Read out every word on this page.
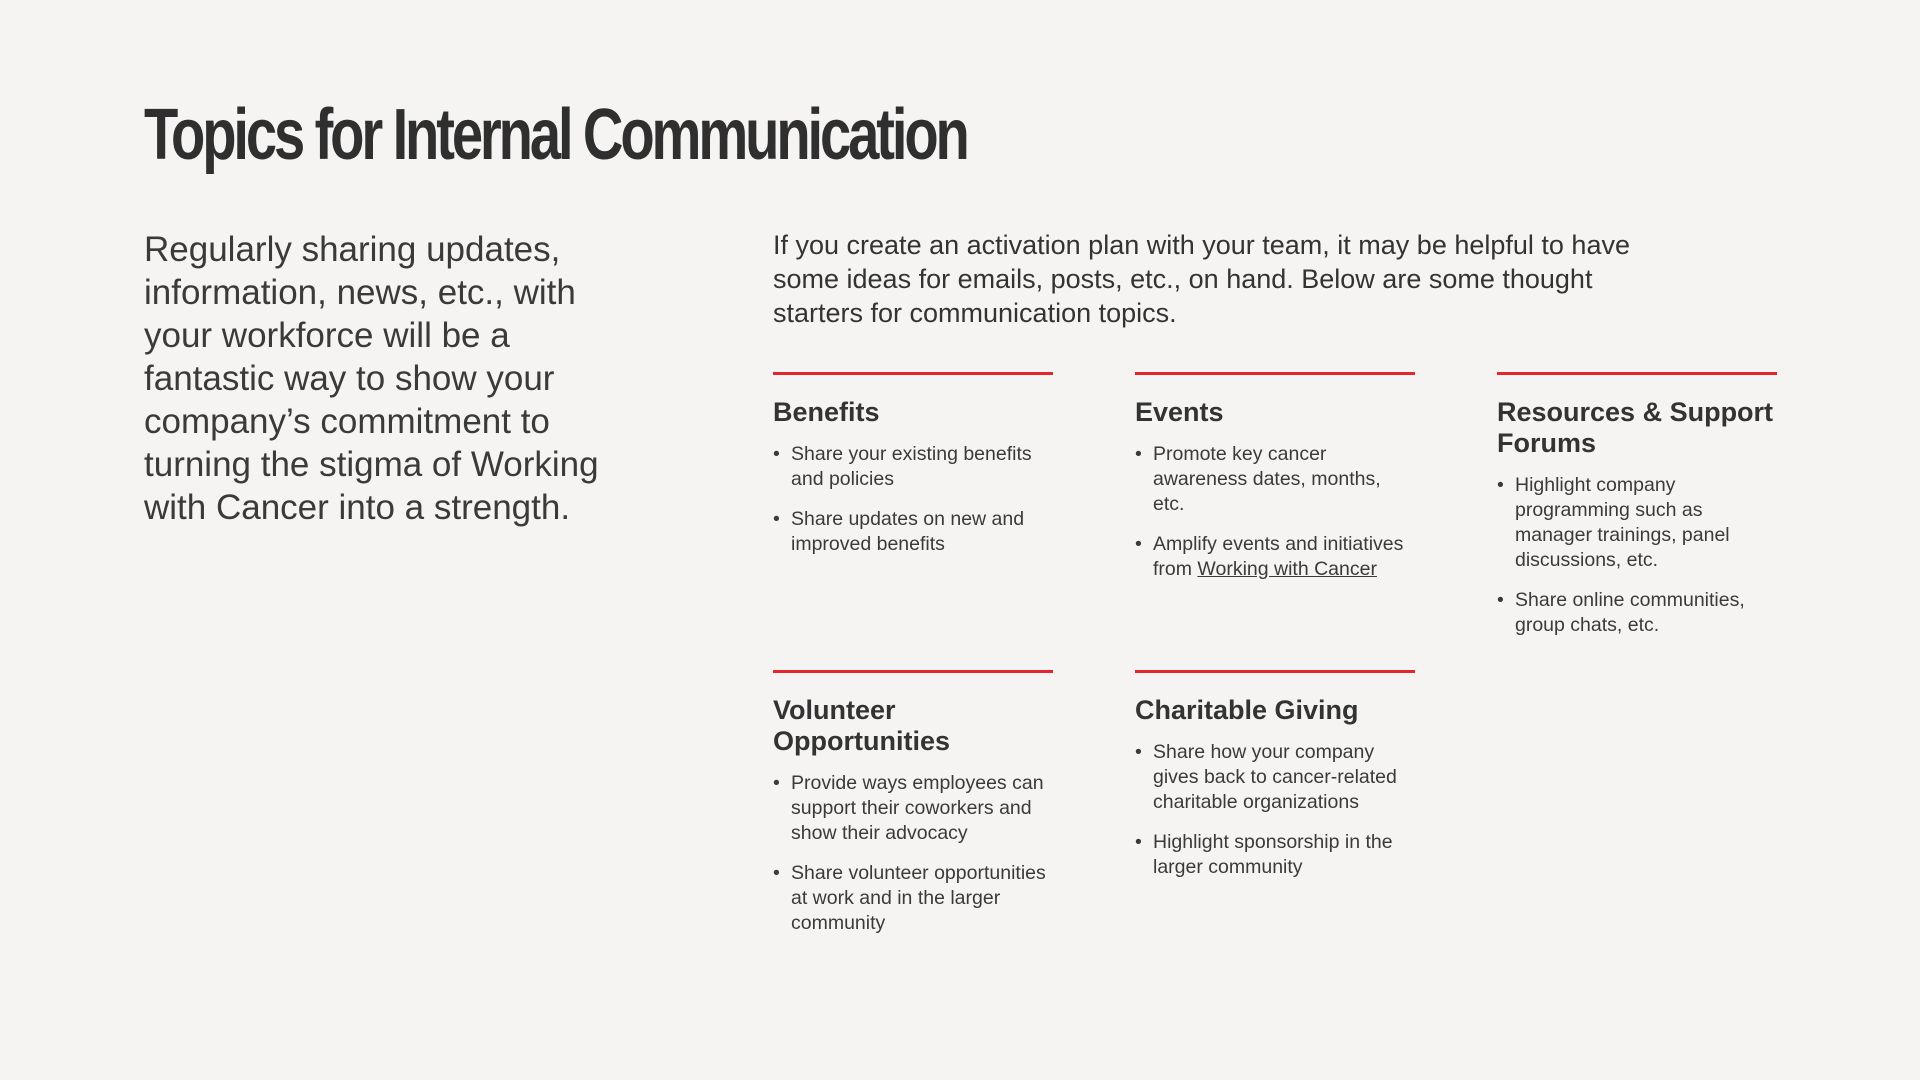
Topics for Internal Communication

Regularly sharing updates, information, news, etc., with your workforce will be a fantastic way to show your company’s commitment to turning the stigma of Working with Cancer into a strength.

If you create an activation plan with your team, it may be helpful to have some ideas for emails, posts, etc., on hand. Below are some thought starters for communication topics.

Benefits
• Share your existing benefits and policies
• Share updates on new and improved benefits
Events
• Promote key cancer awareness dates, months, etc.
• Amplify events and initiatives from Working with Cancer
Resources & Support Forums
• Highlight company programming such as manager trainings, panel discussions, etc.
• Share online communities, group chats, etc.
Volunteer Opportunities
• Provide ways employees can support their coworkers and show their advocacy
• Share volunteer opportunities at work and in the larger community
Charitable Giving
• Share how your company gives back to cancer-related charitable organizations
• Highlight sponsorship in the larger community
